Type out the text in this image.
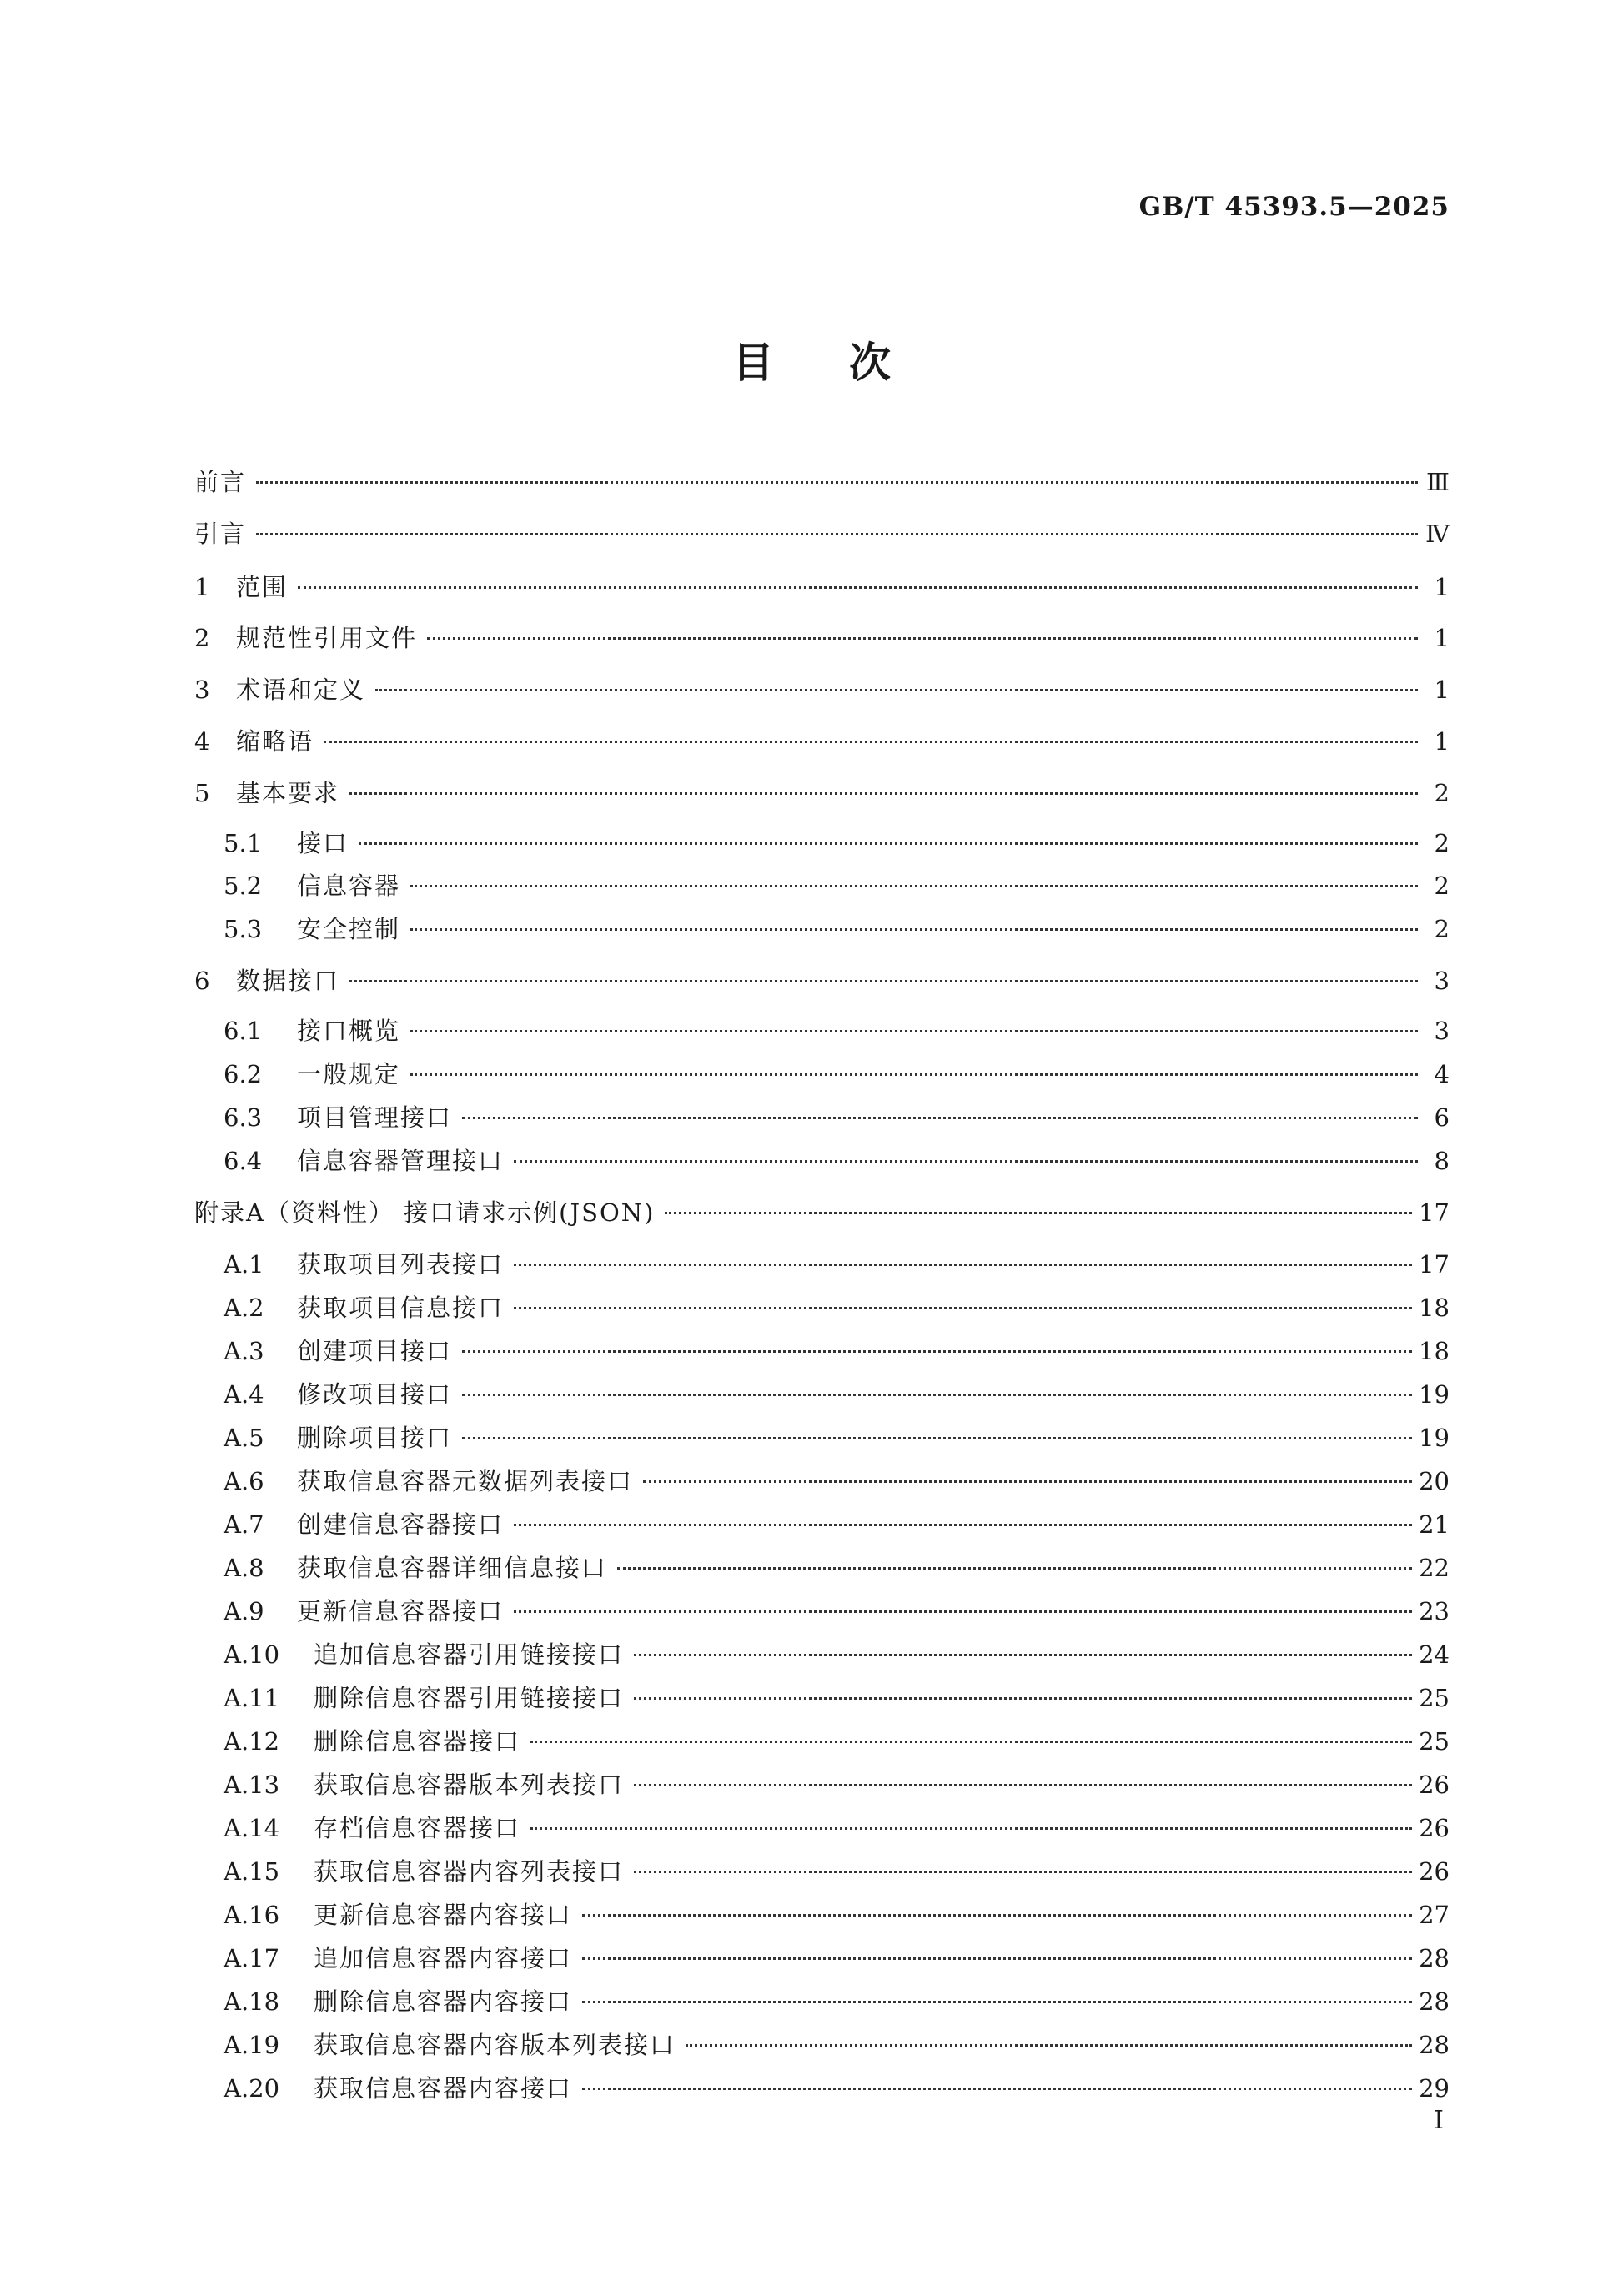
GB/T 45393.5—2025
目 次
前言	Ⅲ
引言	Ⅳ
1	范围	1
2	规范性引用文件	1
3	术语和定义	1
4	缩略语	1
5	基本要求	2
5.1	接口	2
5.2	信息容器	2
5.3	安全控制	2
6	数据接口	3
6.1	接口概览	3
6.2	一般规定	4
6.3	项目管理接口	6
6.4	信息容器管理接口	8
附录A（资料性） 接口请求示例(JSON)	17
A.1	获取项目列表接口	17
A.2	获取项目信息接口	18
A.3	创建项目接口	18
A.4	修改项目接口	19
A.5	删除项目接口	19
A.6	获取信息容器元数据列表接口	20
A.7	创建信息容器接口	21
A.8	获取信息容器详细信息接口	22
A.9	更新信息容器接口	23
A.10	追加信息容器引用链接接口	24
A.11	删除信息容器引用链接接口	25
A.12	删除信息容器接口	25
A.13	获取信息容器版本列表接口	26
A.14	存档信息容器接口	26
A.15	获取信息容器内容列表接口	26
A.16	更新信息容器内容接口	27
A.17	追加信息容器内容接口	28
A.18	删除信息容器内容接口	28
A.19	获取信息容器内容版本列表接口	28
A.20	获取信息容器内容接口	29
I
